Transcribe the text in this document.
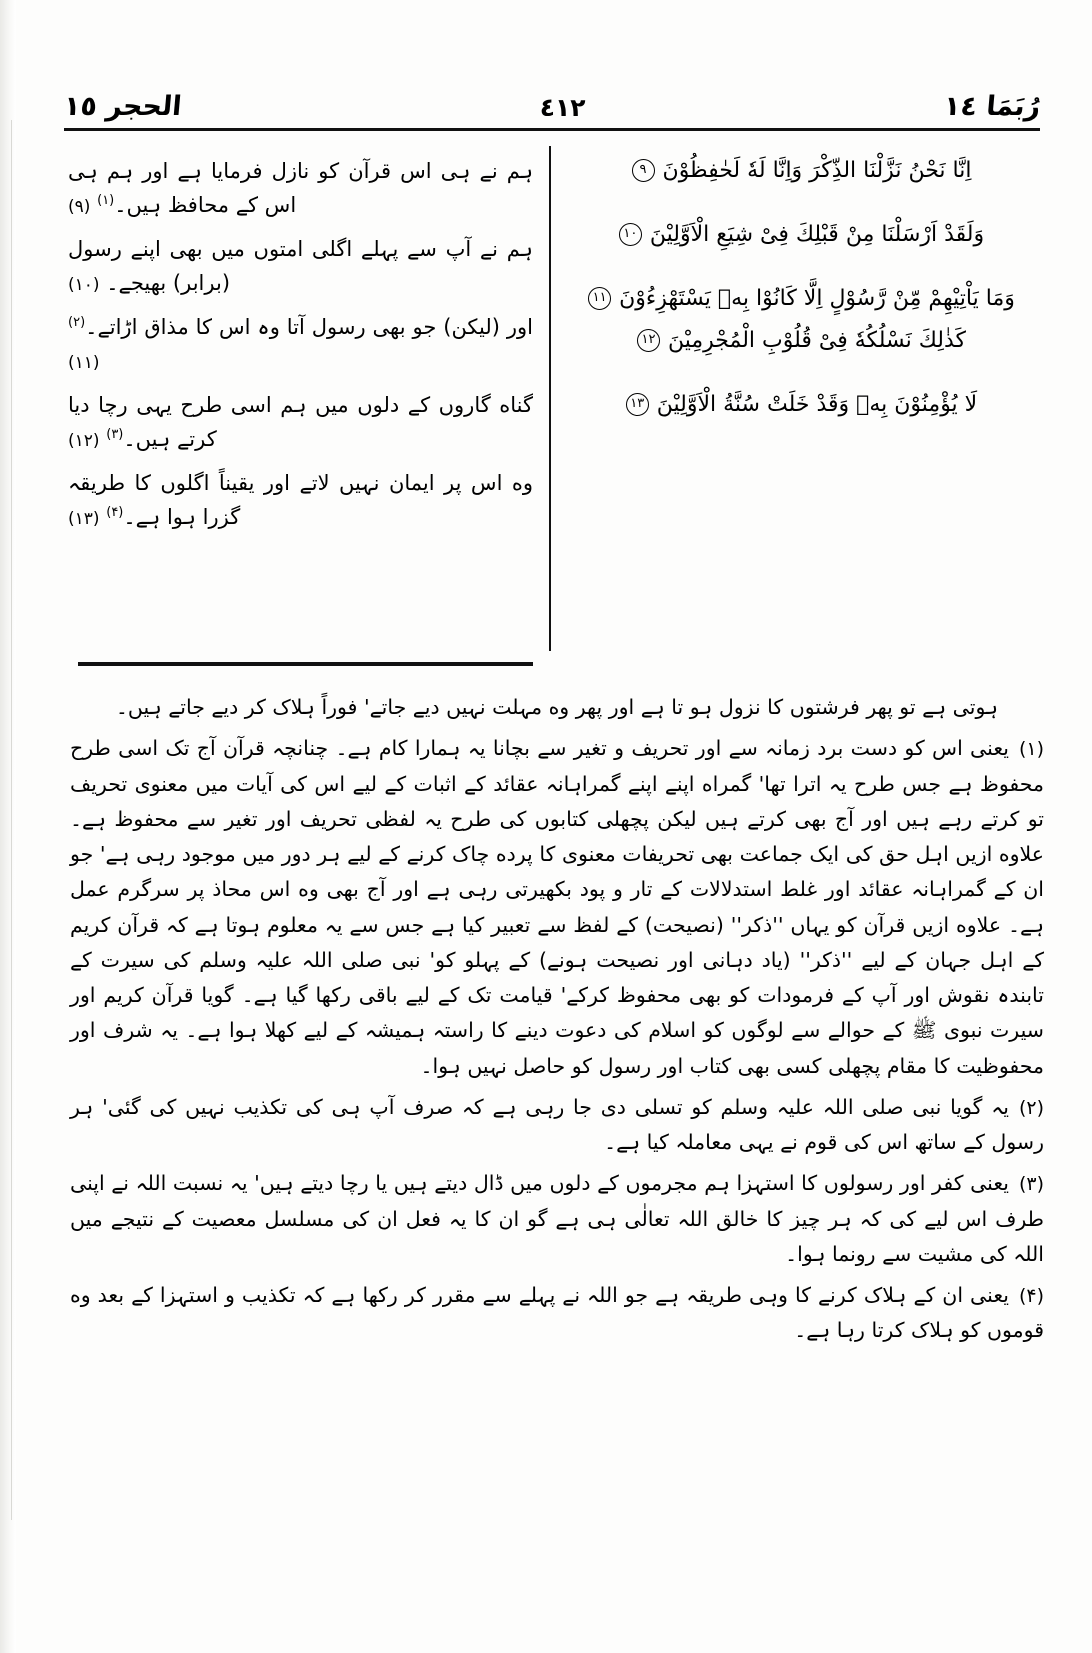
رُبَمَا ١٤
٤١٢
الحجر ١٥

اِنَّا نَحْنُ نَزَّلْنَا الذِّكْرَ وَاِنَّا لَهٗ لَحٰفِظُوْنَ٩

وَلَقَدْ اَرْسَلْنَا مِنْ قَبْلِكَ فِیْ شِیَعِ الْاَوَّلِیْنَ١٠

وَمَا یَاْتِیْهِمْ مِّنْ رَّسُوْلٍ اِلَّا كَانُوْا بِهٖ یَسْتَهْزِءُوْنَ١١

كَذٰلِكَ نَسْلُكُهٗ فِیْ قُلُوْبِ الْمُجْرِمِیْنَ١٢

لَا یُؤْمِنُوْنَ بِهٖ وَقَدْ خَلَتْ سُنَّةُ الْاَوَّلِیْنَ١٣

ہم نے ہی اس قرآن کو نازل فرمایا ہے اور ہم ہی اس کے محافظ ہیں۔$^{(۱)}$ (۹)

ہم نے آپ سے پہلے اگلی امتوں میں بھی اپنے رسول (برابر) بھیجے۔ (۱۰)

اور (لیکن) جو بھی رسول آتا وہ اس کا مذاق اڑاتے۔$^{(۲)}$ (۱۱)

گناه گاروں کے دلوں میں ہم اسی طرح یہی رچا دیا کرتے ہیں۔$^{(۳)}$ (۱۲)

وه اس پر ایمان نہیں لاتے اور یقیناً اگلوں کا طریقہ گزرا ہوا ہے۔$^{(۴)}$ (۱۳)

ہوتی ہے تو پھر فرشتوں کا نزول ہو تا ہے اور پھر وه مہلت نہیں دیے جاتے' فوراً ہلاک کر دیے جاتے ہیں۔

(۱)یعنی اس کو دست برد زمانہ سے اور تحریف و تغیر سے بچانا یہ ہمارا کام ہے۔ چنانچہ قرآن آج تک اسی طرح محفوظ ہے جس طرح یہ اترا تھا' گمراه اپنے اپنے گمراہانہ عقائد کے اثبات کے لیے اس کی آیات میں معنوی تحریف تو کرتے رہے ہیں اور آج بھی کرتے ہیں لیکن پچھلی کتابوں کی طرح یہ لفظی تحریف اور تغیر سے محفوظ ہے۔ علاوه ازیں اہل حق کی ایک جماعت بھی تحریفات معنوی کا پرده چاک کرنے کے لیے ہر دور میں موجود رہی ہے' جو ان کے گمراہانہ عقائد اور غلط استدلالات کے تار و پود بکھیرتی رہی ہے اور آج بھی وه اس محاذ پر سرگرم عمل ہے۔ علاوه ازیں قرآن کو یہاں ''ذکر'' (نصیحت) کے لفظ سے تعبیر کیا ہے جس سے یہ معلوم ہوتا ہے کہ قرآن کریم کے اہل جہان کے لیے ''ذکر'' (یاد دہانی اور نصیحت ہونے) کے پہلو کو' نبی صلی اللہ علیہ وسلم کی سیرت کے تابندہ نقوش اور آپ کے فرمودات کو بھی محفوظ کرکے' قیامت تک کے لیے باقی رکھا گیا ہے۔ گویا قرآن کریم اور سیرت نبوی ﷺ کے حوالے سے لوگوں کو اسلام کی دعوت دینے کا راستہ ہمیشہ کے لیے کھلا ہوا ہے۔ یہ شرف اور محفوظیت کا مقام پچھلی کسی بھی کتاب اور رسول کو حاصل نہیں ہوا۔

(۲)یہ گویا نبی صلی اللہ علیہ وسلم کو تسلی دی جا رہی ہے کہ صرف آپ ہی کی تکذیب نہیں کی گئی' ہر رسول کے ساتھ اس کی قوم نے یہی معاملہ کیا ہے۔

(۳)یعنی کفر اور رسولوں کا استہزا ہم مجرموں کے دلوں میں ڈال دیتے ہیں یا رچا دیتے ہیں' یہ نسبت اللہ نے اپنی طرف اس لیے کی کہ ہر چیز کا خالق اللہ تعالٰی ہی ہے گو ان کا یہ فعل ان کی مسلسل معصیت کے نتیجے میں اللہ کی مشیت سے رونما ہوا۔

(۴)یعنی ان کے ہلاک کرنے کا وہی طریقہ ہے جو اللہ نے پہلے سے مقرر کر رکھا ہے کہ تکذیب و استہزا کے بعد وه قوموں کو ہلاک کرتا رہا ہے۔
